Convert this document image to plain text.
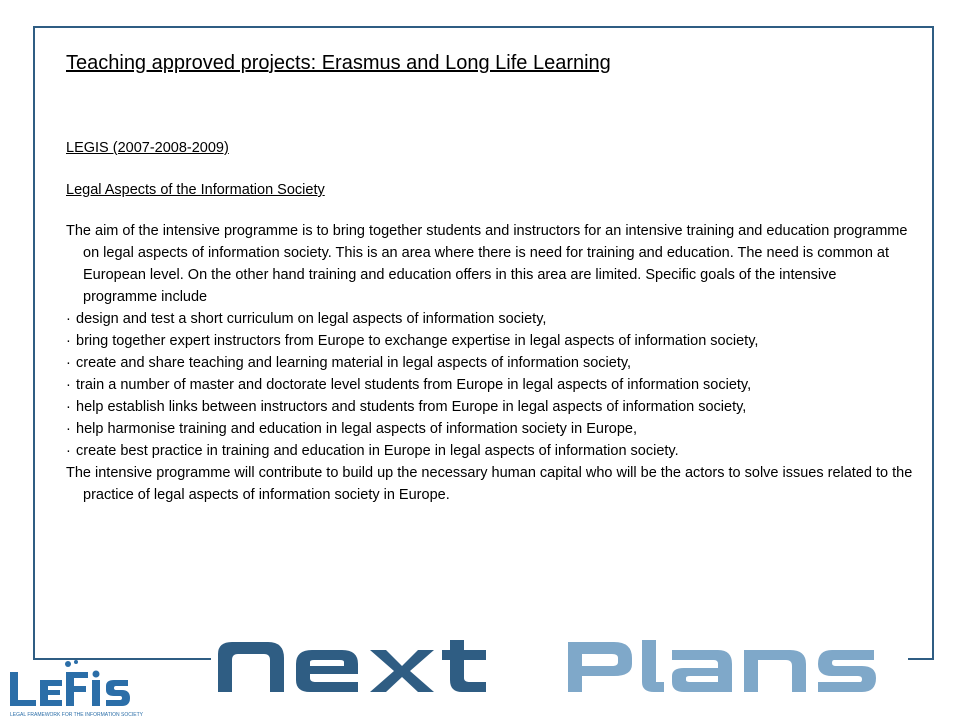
Teaching approved projects: Erasmus and Long Life Learning

LEGIS (2007-2008-2009)

Legal Aspects of the Information Society

The aim of the intensive programme is to bring together students and instructors for an intensive training and education programme on legal aspects of information society. This is an area where there is need for training and education. The need is common at European level. On the other hand training and education offers in this area are limited. Specific goals of the intensive programme include

· design and test a short curriculum on legal aspects of information society,
· bring together expert instructors from Europe to exchange expertise in legal aspects of information society,
· create and share teaching and learning material in legal aspects of information society,
· train a number of master and doctorate level students from Europe in legal aspects of information society,
· help establish links between instructors and students from Europe in legal aspects of information society,
· help harmonise training and education in legal aspects of information society in Europe,
· create best practice in training and education in Europe in legal aspects of information society.

The intensive programme will contribute to build up the necessary human capital who will be the actors to solve issues related to the practice of legal aspects of information society in Europe.

LEGAL FRAMEWORK FOR THE INFORMATION SOCIETY
